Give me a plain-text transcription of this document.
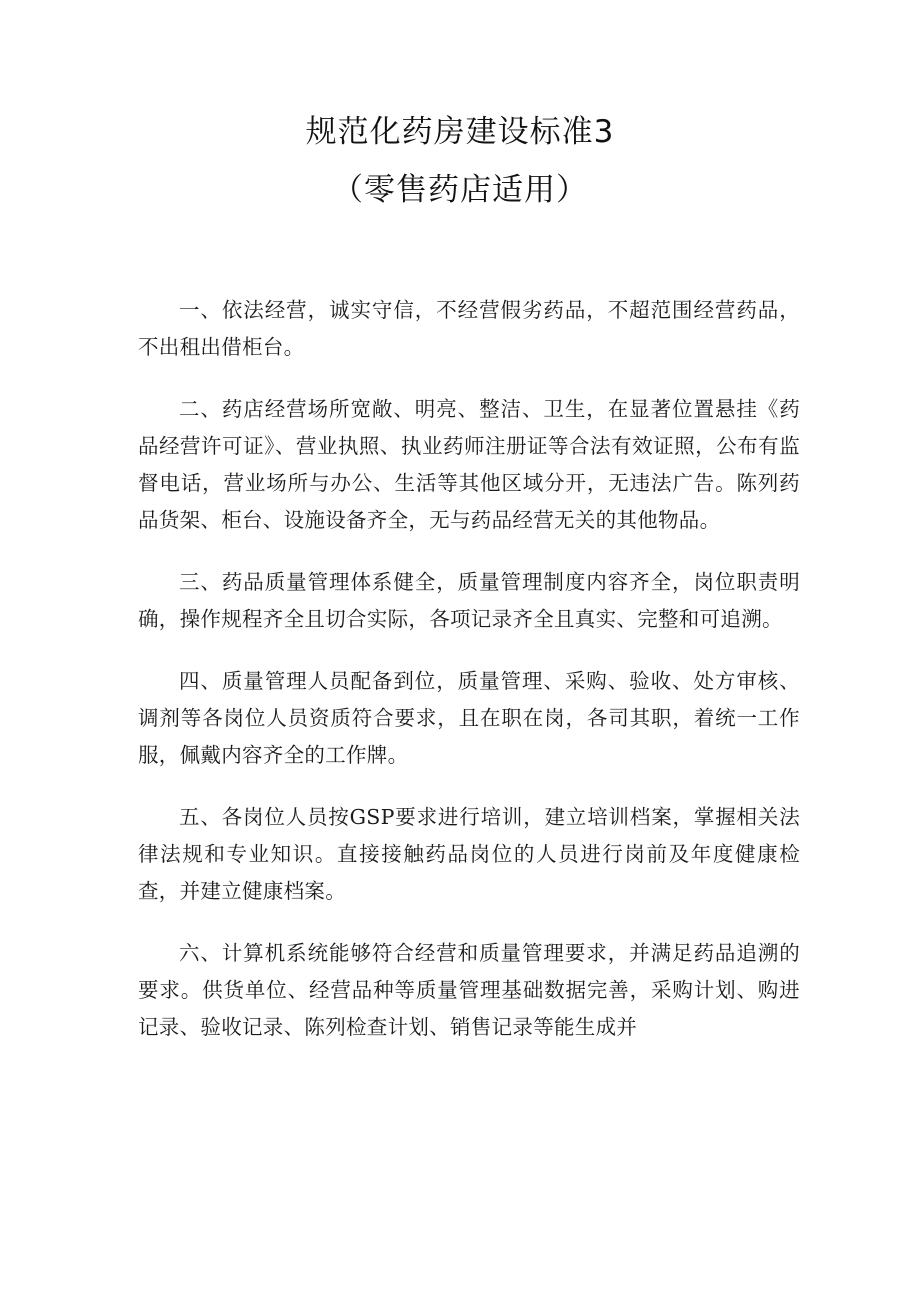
规范化药房建设标准3
（零售药店适用）

一、依法经营，诚实守信，不经营假劣药品，不超范围经营药品，不出租出借柜台。

二、药店经营场所宽敞、明亮、整洁、卫生，在显著位置悬挂《药品经营许可证》、营业执照、执业药师注册证等合法有效证照，公布有监督电话，营业场所与办公、生活等其他区域分开，无违法广告。陈列药品货架、柜台、设施设备齐全，无与药品经营无关的其他物品。

三、药品质量管理体系健全，质量管理制度内容齐全，岗位职责明确，操作规程齐全且切合实际，各项记录齐全且真实、完整和可追溯。

四、质量管理人员配备到位，质量管理、采购、验收、处方审核、调剂等各岗位人员资质符合要求，且在职在岗，各司其职，着统一工作服，佩戴内容齐全的工作牌。

五、各岗位人员按GSP要求进行培训，建立培训档案，掌握相关法律法规和专业知识。直接接触药品岗位的人员进行岗前及年度健康检查，并建立健康档案。

六、计算机系统能够符合经营和质量管理要求，并满足药品追溯的要求。供货单位、经营品种等质量管理基础数据完善，采购计划、购进记录、验收记录、陈列检查计划、销售记录等能生成并
